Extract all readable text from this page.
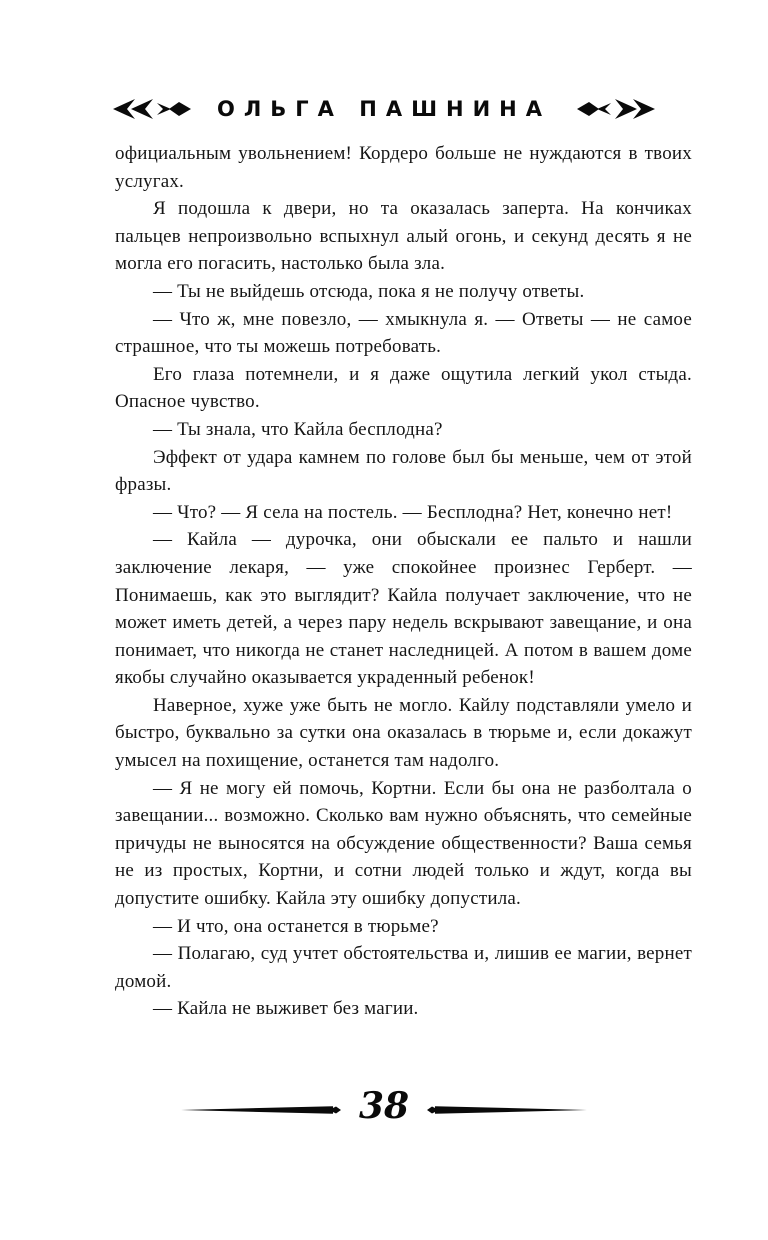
ОЛЬГА ПАШНИНА

официальным увольнением! Кордеро больше не нуждаются в твоих услугах.

Я подошла к двери, но та оказалась заперта. На кончиках пальцев непроизвольно вспыхнул алый огонь, и секунд десять я не могла его погасить, настолько была зла.

— Ты не выйдешь отсюда, пока я не получу ответы.

— Что ж, мне повезло, — хмыкнула я. — Ответы — не самое страшное, что ты можешь потребовать.

Его глаза потемнели, и я даже ощутила легкий укол стыда. Опасное чувство.

— Ты знала, что Кайла бесплодна?

Эффект от удара камнем по голове был бы меньше, чем от этой фразы.

— Что? — Я села на постель. — Бесплодна? Нет, конечно нет!

— Кайла — дурочка, они обыскали ее пальто и нашли заключение лекаря, — уже спокойнее произнес Герберт. — Понимаешь, как это выглядит? Кайла получает заключение, что не может иметь детей, а через пару недель вскрывают завещание, и она понимает, что никогда не станет наследницей. А потом в вашем доме якобы случайно оказывается украденный ребенок!

Наверное, хуже уже быть не могло. Кайлу подставляли умело и быстро, буквально за сутки она оказалась в тюрьме и, если докажут умысел на похищение, останется там надолго.

— Я не могу ей помочь, Кортни. Если бы она не разболтала о завещании... возможно. Сколько вам нужно объяснять, что семейные причуды не выносятся на обсуждение общественности? Ваша семья не из простых, Кортни, и сотни людей только и ждут, когда вы допустите ошибку. Кайла эту ошибку допустила.

— И что, она останется в тюрьме?

— Полагаю, суд учтет обстоятельства и, лишив ее магии, вернет домой.

— Кайла не выживет без магии.

38
